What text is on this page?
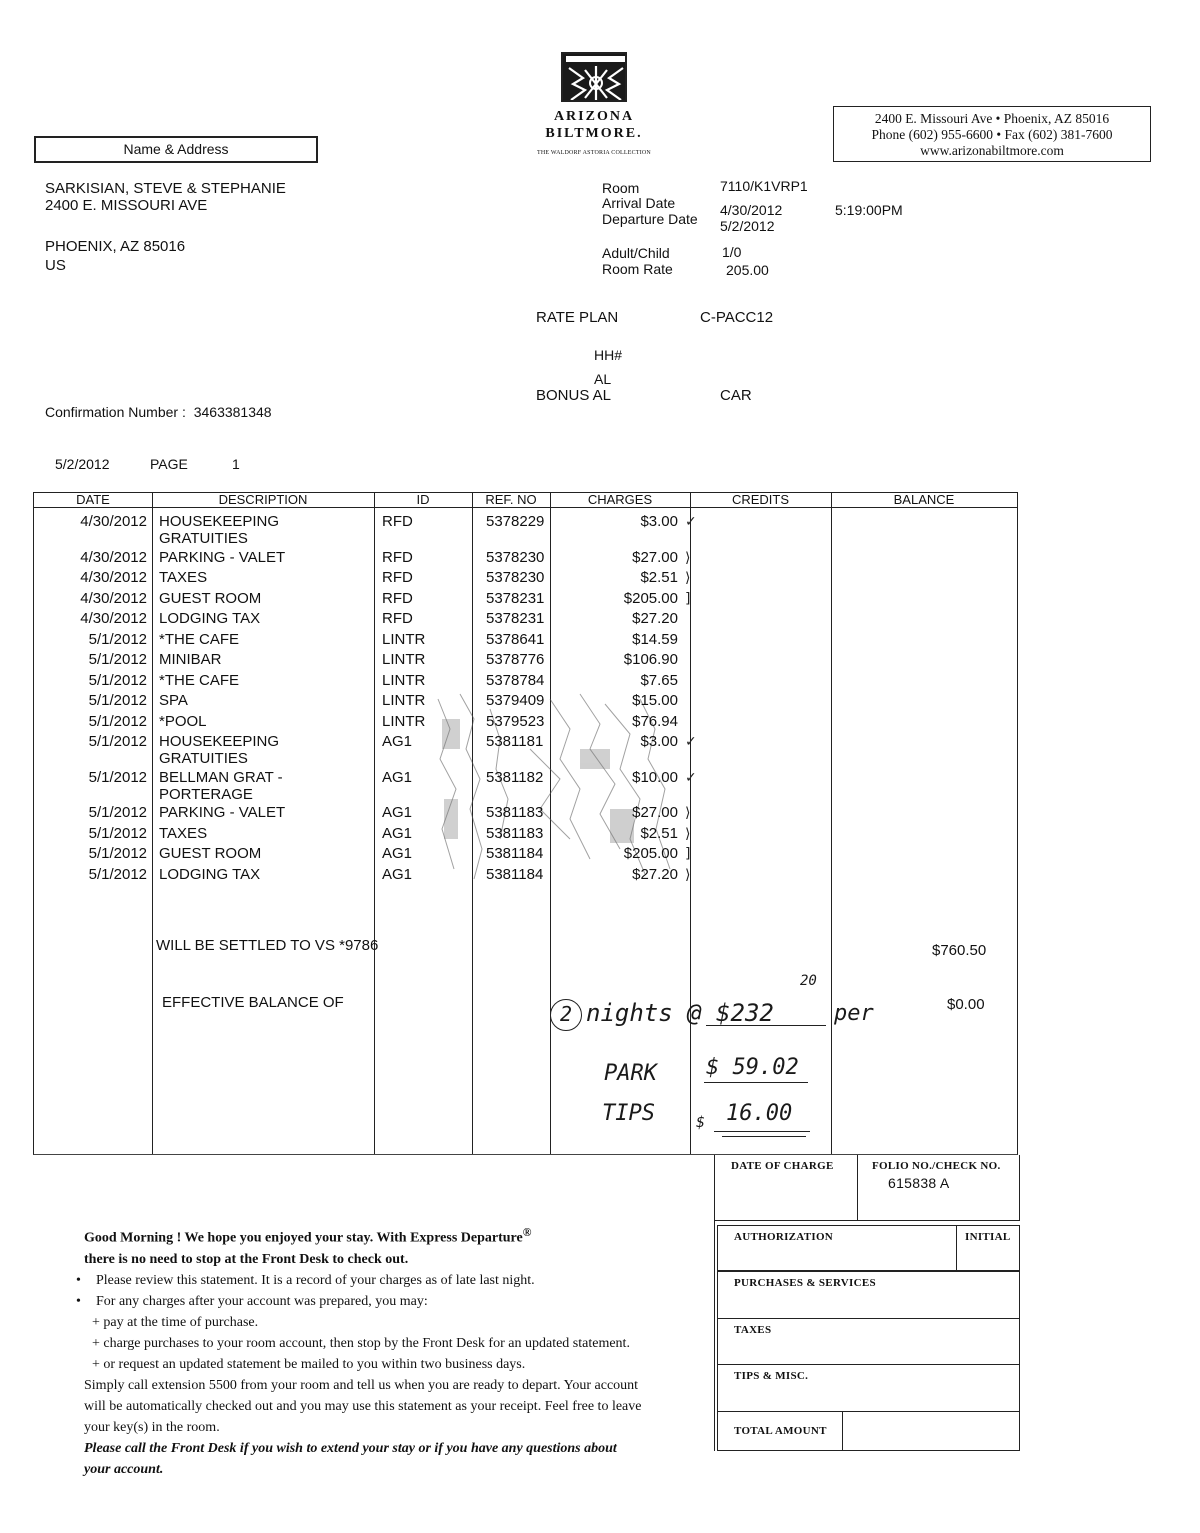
Name & Address
SARKISIAN, STEVE & STEPHANIE
2400 E. MISSOURI AVE
PHOENIX, AZ 85016
US
ARIZONA
BILTMORE.
THE WALDORF ASTORIA COLLECTION
2400 E. Missouri Ave • Phoenix, AZ 85016
Phone (602) 955-6600 • Fax (602) 381-7600
www.arizonabiltmore.com
Room	7110/K1VRP1
Arrival Date	4/30/2012	5:19:00PM
Departure Date 5/2/2012
Adult/Child	1/0
Room Rate	205.00
RATE PLAN	C-PACC12
HH#
AL
BONUS AL	CAR
Confirmation Number : 3463381348
5/2/2012	PAGE	1
DATE	DESCRIPTION	ID	REF. NO	CHARGES	CREDITS	BALANCE
4/30/2012 HOUSEKEEPING	RFD	5378229	$3.00 ✓
GRATUITIES
4/30/2012 PARKING - VALET	RFD	5378230	$27.00 ⟩
4/30/2012 TAXES	RFD	5378230	$2.51 ⟩
4/30/2012 GUEST ROOM	RFD	5378231	$205.00 ]
4/30/2012 LODGING TAX	RFD	5378231	$27.20
5/1/2012 *THE CAFE	LINTR	5378641	$14.59
5/1/2012 MINIBAR	LINTR	5378776	$106.90
5/1/2012 *THE CAFE	LINTR	5378784	$7.65
5/1/2012 SPA	LINTR	5379409	$15.00
5/1/2012 *POOL	LINTR	5379523	$76.94
5/1/2012 HOUSEKEEPING	AG1	5381181	$3.00 ✓
GRATUITIES
5/1/2012 BELLMAN GRAT -	AG1	5381182	$10.00 ✓
PORTERAGE
5/1/2012 PARKING - VALET	AG1	5381183	$27.00 ⟩
5/1/2012 TAXES	AG1	5381183	$2.51 ⟩
5/1/2012 GUEST ROOM	AG1	5381184	$205.00 ]
5/1/2012 LODGING TAX	AG1	5381184	$27.20 ⟩
WILL BE SETTLED TO VS *9786	$760.50
EFFECTIVE BALANCE OF	$0.00
2 nights @ $232
20
per
PARK $ 59.02
TIPS	$ 16.00
DATE OF CHARGE	FOLIO NO./CHECK NO.
615838 A
AUTHORIZATION	INITIAL
PURCHASES & SERVICES
TAXES
TIPS & MISC.
TOTAL AMOUNT
Good Morning ! We hope you enjoyed your stay. With Express Departure®
there is no need to stop at the Front Desk to check out.
• Please review this statement. It is a record of your charges as of late last night.
• For any charges after your account was prepared, you may:
+ pay at the time of purchase.
+ charge purchases to your room account, then stop by the Front Desk for an updated statement.
+ or request an updated statement be mailed to you within two business days.
Simply call extension 5500 from your room and tell us when you are ready to depart. Your account will be automatically checked out and you may use this statement as your receipt. Feel free to leave your key(s) in the room.
Please call the Front Desk if you wish to extend your stay or if you have any questions about your account.
